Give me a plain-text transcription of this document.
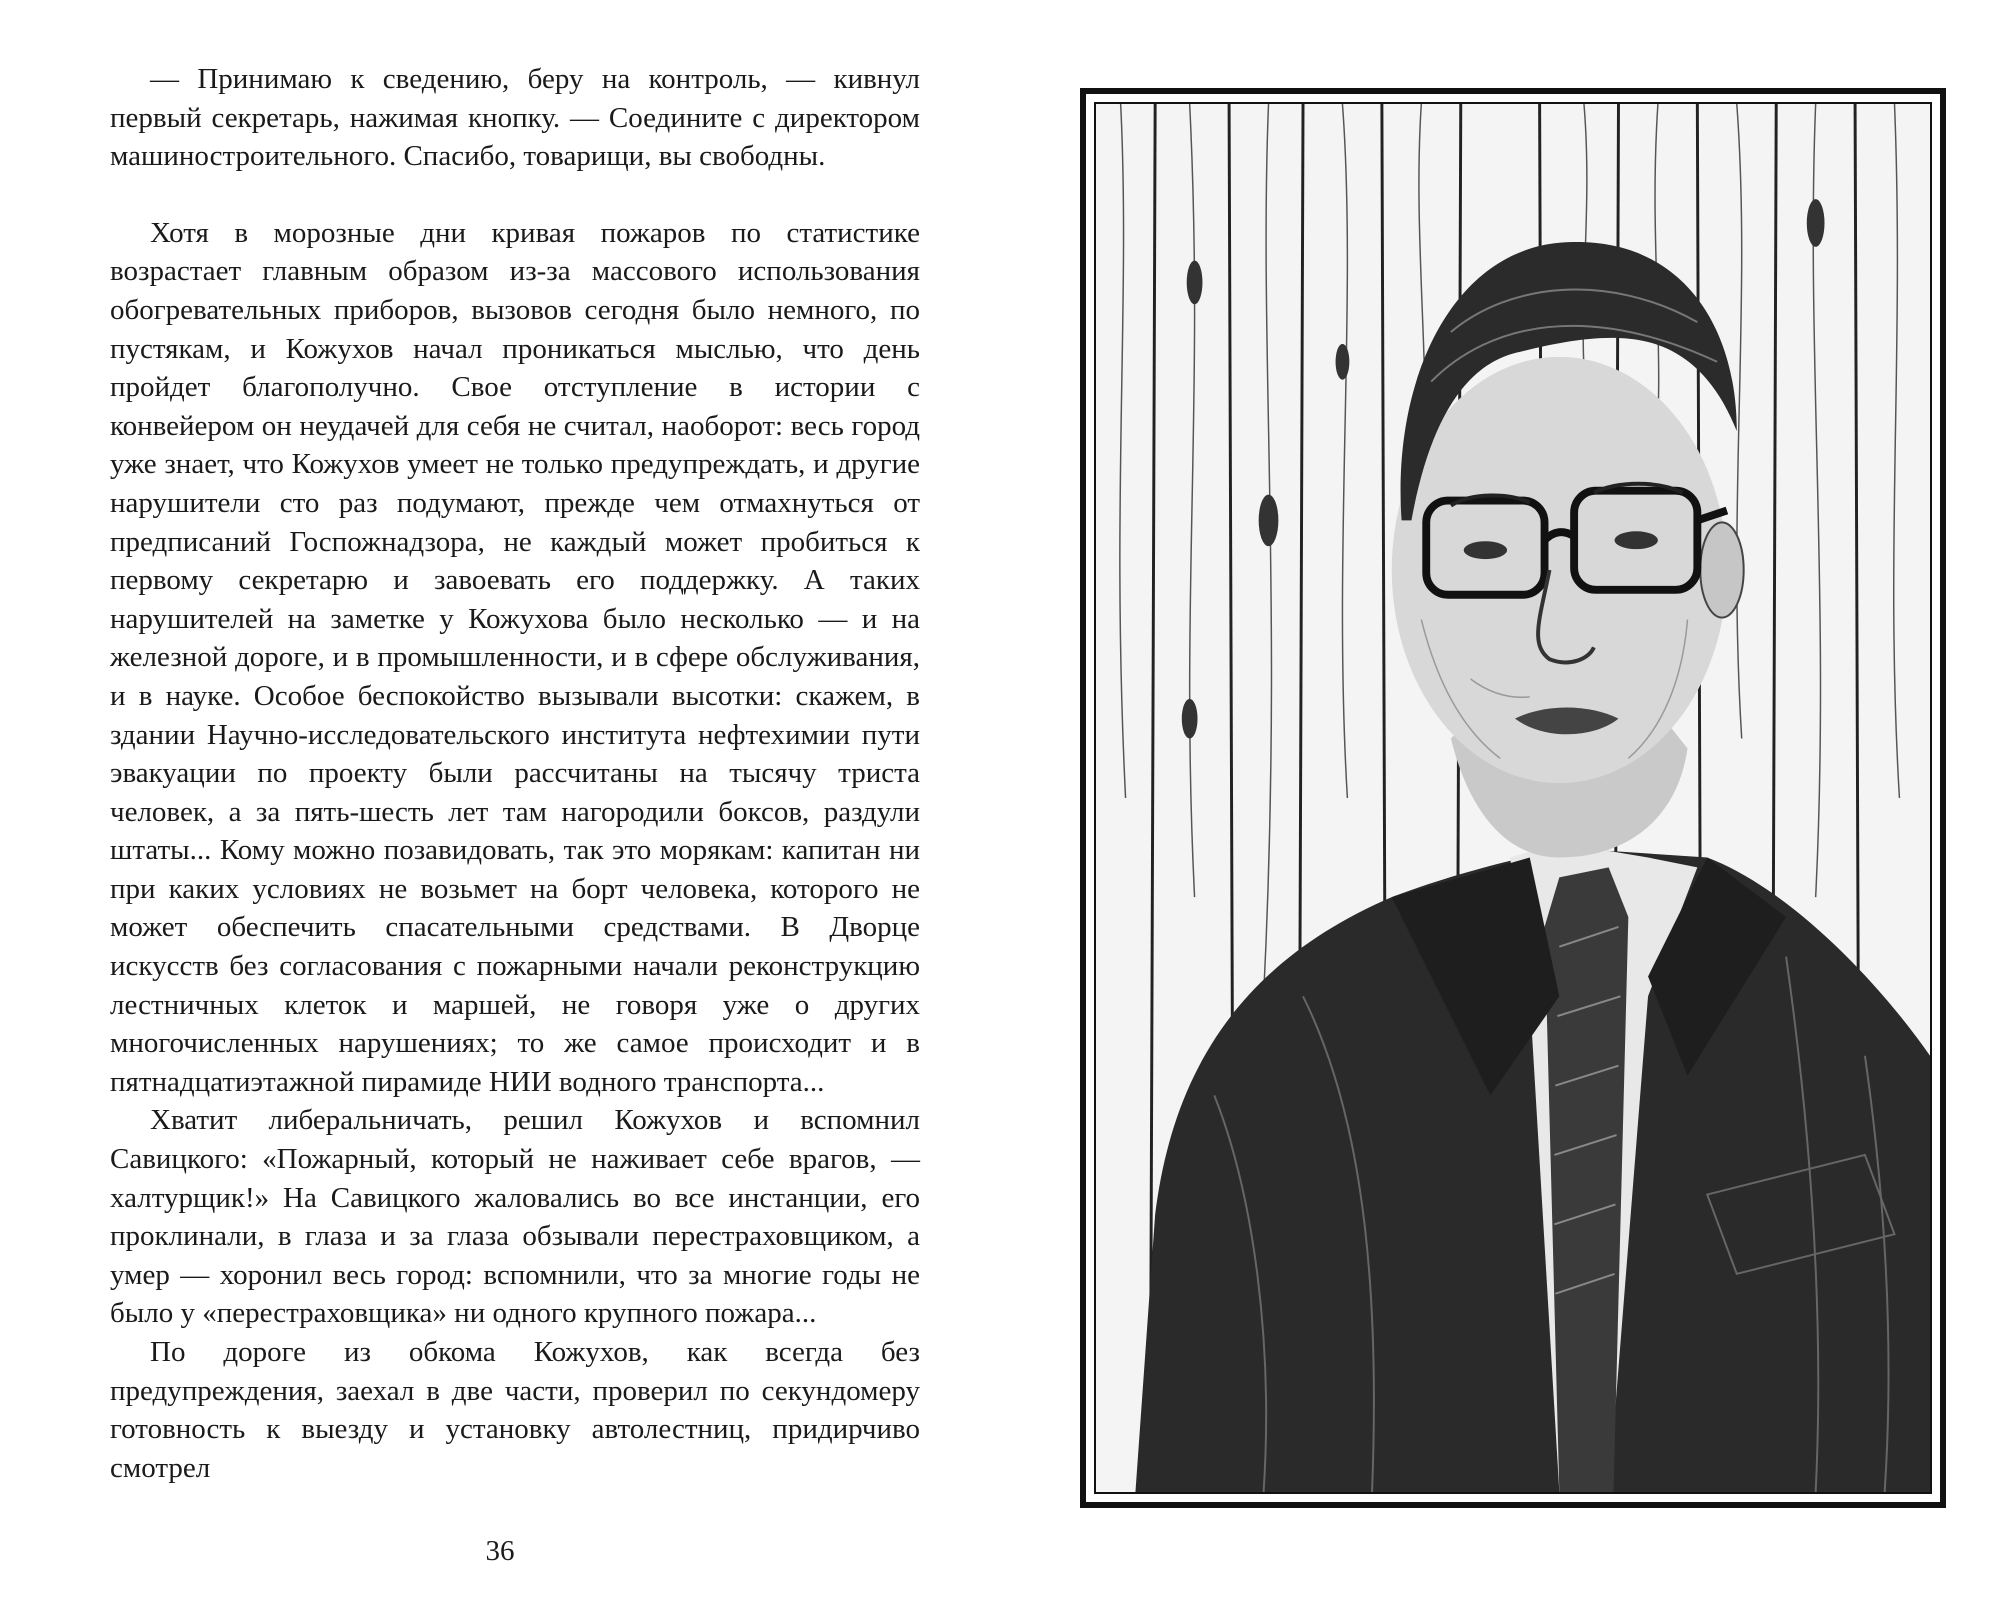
— Принимаю к сведению, беру на контроль, — кивнул первый секретарь, нажимая кнопку. — Соедините с директором машиностроительного. Спасибо, товарищи, вы свободны.

Хотя в морозные дни кривая пожаров по статистике возрастает главным образом из-за массового использования обогревательных приборов, вызовов сегодня было немного, по пустякам, и Кожухов начал проникаться мыслью, что день пройдет благополучно. Свое отступление в истории с конвейером он неудачей для себя не считал, наоборот: весь город уже знает, что Кожухов умеет не только предупреждать, и другие нарушители сто раз подумают, прежде чем отмахнуться от предписаний Госпожнадзора, не каждый может пробиться к первому секретарю и завоевать его поддержку. А таких нарушителей на заметке у Кожухова было несколько — и на железной дороге, и в промышленности, и в сфере обслуживания, и в науке. Особое беспокойство вызывали высотки: скажем, в здании Научно-исследовательского института нефтехимии пути эвакуации по проекту были рассчитаны на тысячу триста человек, а за пять-шесть лет там нагородили боксов, раздули штаты... Кому можно позавидовать, так это морякам: капитан ни при каких условиях не возьмет на борт человека, которого не может обеспечить спасательными средствами. В Дворце искусств без согласования с пожарными начали реконструкцию лестничных клеток и маршей, не говоря уже о других многочисленных нарушениях; то же самое происходит и в пятнадцатиэтажной пирамиде НИИ водного транспорта...

Хватит либеральничать, решил Кожухов и вспомнил Савицкого: «Пожарный, который не наживает себе врагов, — халтурщик!» На Савицкого жаловались во все инстанции, его проклинали, в глаза и за глаза обзывали перестраховщиком, а умер — хоронил весь город: вспомнили, что за многие годы не было у «перестраховщика» ни одного крупного пожара...

По дороге из обкома Кожухов, как всегда без предупреждения, заехал в две части, проверил по секундомеру готовность к выезду и установку автолестниц, придирчиво смотрел

36
